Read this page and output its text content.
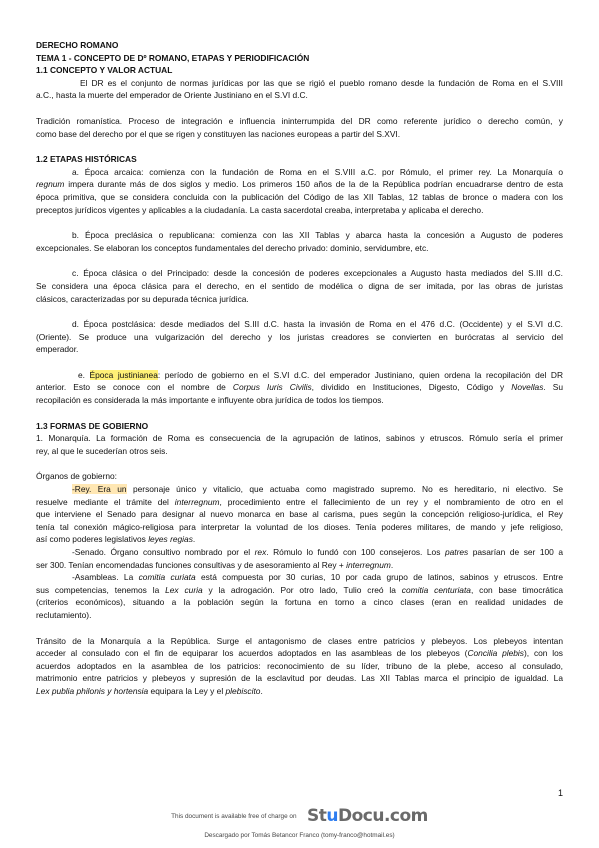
DERECHO ROMANO
TEMA 1 - CONCEPTO DE Dº ROMANO, ETAPAS Y PERIODIFICACIÓN
1.1 CONCEPTO Y VALOR ACTUAL
El DR es el conjunto de normas jurídicas por las que se rigió el pueblo romano desde la fundación de Roma en el S.VIII
a.C., hasta la muerte del emperador de Oriente Justiniano en el S.VI d.C.
Tradición romanística. Proceso de integración e influencia ininterrumpida del DR como referente jurídico o derecho común, y
como base del derecho por el que se rigen y constituyen las naciones europeas a partir del S.XVI.
1.2 ETAPAS HISTÓRICAS
a. Época arcaica: comienza con la fundación de Roma en el S.VIII a.C. por Rómulo, el primer rey. La Monarquía o
regnum impera durante más de dos siglos y medio. Los primeros 150 años de la de la República podrían encuadrarse dentro de esta
época primitiva, que se considera concluida con la publicación del Código de las XII Tablas, 12 tablas de bronce o madera con los
preceptos jurídicos vigentes y aplicables a la ciudadanía. La casta sacerdotal creaba, interpretaba y aplicaba el derecho.
b. Época preclásica o republicana: comienza con las XII Tablas y abarca hasta la concesión a Augusto de poderes
excepcionales. Se elaboran los conceptos fundamentales del derecho privado: dominio, servidumbre, etc.
c. Época clásica o del Principado: desde la concesión de poderes excepcionales a Augusto hasta mediados del S.III d.C.
Se considera una época clásica para el derecho, en el sentido de modélica o digna de ser imitada, por las obras de juristas
clásicos, caracterizadas por su depurada técnica jurídica.
d. Época postclásica: desde mediados del S.III d.C. hasta la invasión de Roma en el 476 d.C. (Occidente) y el S.VI d.C.
(Oriente). Se produce una vulgarización del derecho y los juristas creadores se convierten en burócratas al servicio del
emperador.
e. Época justinianea: período de gobierno en el S.VI d.C. del emperador Justiniano, quien ordena la recopilación del DR
anterior. Esto se conoce con el nombre de Corpus Iuris Civilis, dividido en Instituciones, Digesto, Código y Novellas. Su
recopilación es considerada la más importante e influyente obra jurídica de todos los tiempos.
1.3 FORMAS DE GOBIERNO
1. Monarquía. La formación de Roma es consecuencia de la agrupación de latinos, sabinos y etruscos. Rómulo sería el primer
rey, al que le sucederían otros seis.
Órganos de gobierno:
-Rey. Era un personaje único y vitalicio, que actuaba como magistrado supremo. No es hereditario, ni electivo. Se
resuelve mediante el trámite del interregnum, procedimiento entre el fallecimiento de un rey y el nombramiento de otro en el
que interviene el Senado para designar al nuevo monarca en base al carisma, pues según la concepción religioso-jurídica, el Rey
tenía tal conexión mágico-religiosa para interpretar la voluntad de los dioses. Tenía poderes militares, de mando y jefe religioso,
así como poderes legislativos leyes regias.
-Senado. Órgano consultivo nombrado por el rex. Rómulo lo fundó con 100 consejeros. Los patres pasarían de ser 100 a
ser 300. Tenían encomendadas funciones consultivas y de asesoramiento al Rey + interregnum.
-Asambleas. La comitia curiata está compuesta por 30 curias, 10 por cada grupo de latinos, sabinos y etruscos. Entre
sus competencias, tenemos la Lex curia y la adrogación. Por otro lado, Tulio creó la comitia centuriata, con base timocrática
(criterios económicos), situando a la población según la fortuna en torno a cinco clases (eran en realidad unidades de
reclutamiento).
Tránsito de la Monarquía a la República. Surge el antagonismo de clases entre patricios y plebeyos. Los plebeyos intentan
acceder al consulado con el fin de equiparar los acuerdos adoptados en las asambleas de los plebeyos (Concilia plebis), con los
acuerdos adoptados en la asamblea de los patricios: reconocimiento de su líder, tribuno de la plebe, acceso al consulado,
matrimonio entre patricios y plebeyos y supresión de la esclavitud por deudas. Las XII Tablas marca el principio de igualdad. La
Lex publia philonis y hortensia equipara la Ley y el plebiscito.
1
This document is available free of charge on StuDocu.com
Descargado por Tomás Betancor Franco (tomy-franco@hotmail.es)
